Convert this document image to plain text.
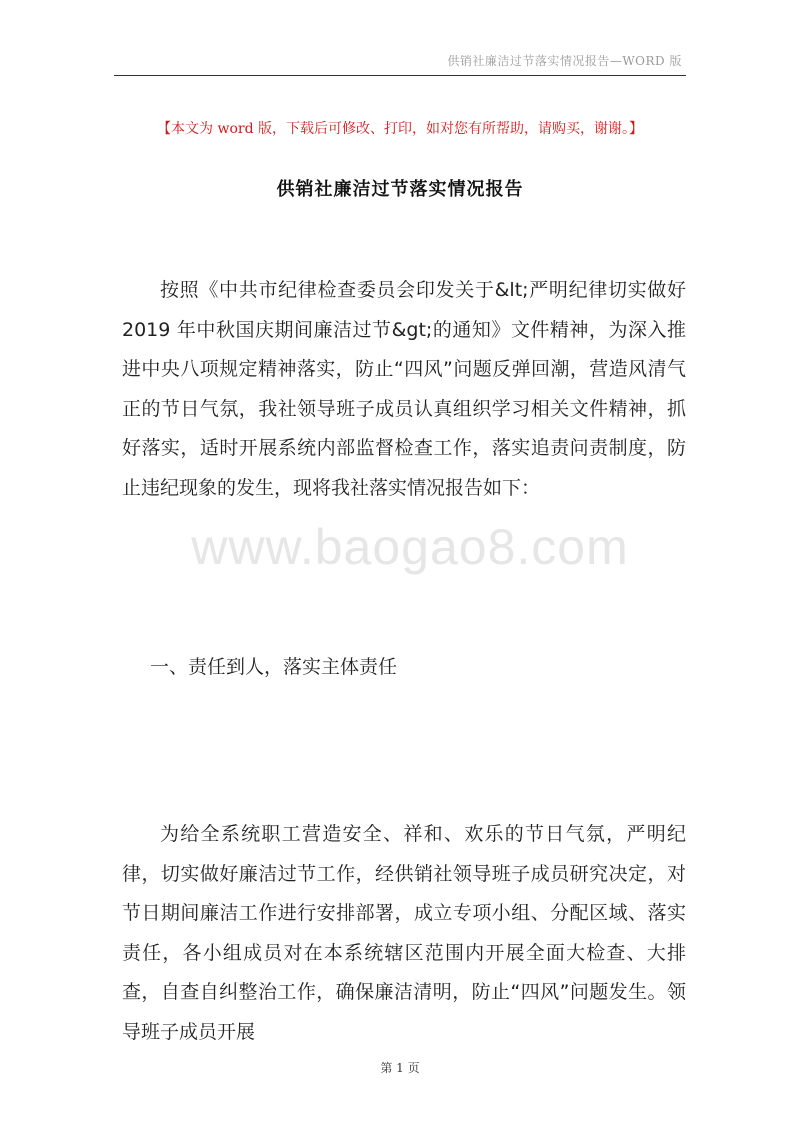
供销社廉洁过节落实情况报告—WORD 版
【本文为 word 版，下载后可修改、打印，如对您有所帮助，请购买，谢谢。】
供销社廉洁过节落实情况报告

按照《中共市纪律检查委员会印发关于&lt;严明纪律切实做好 2019 年中秋国庆期间廉洁过节&gt;的通知》文件精神，为深入推进中央八项规定精神落实，防止“四风”问题反弹回潮，营造风清气正的节日气氛，我社领导班子成员认真组织学习相关文件精神，抓好落实，适时开展系统内部监督检查工作，落实追责问责制度，防止违纪现象的发生，现将我社落实情况报告如下：

www.baogao8.com
一、责任到人，落实主体责任

为给全系统职工营造安全、祥和、欢乐的节日气氛，严明纪律，切实做好廉洁过节工作，经供销社领导班子成员研究决定，对节日期间廉洁工作进行安排部署，成立专项小组、分配区域、落实责任，各小组成员对在本系统辖区范围内开展全面大检查、大排查，自查自纠整治工作，确保廉洁清明，防止“四风”问题发生。领导班子成员开展

第 1 页
